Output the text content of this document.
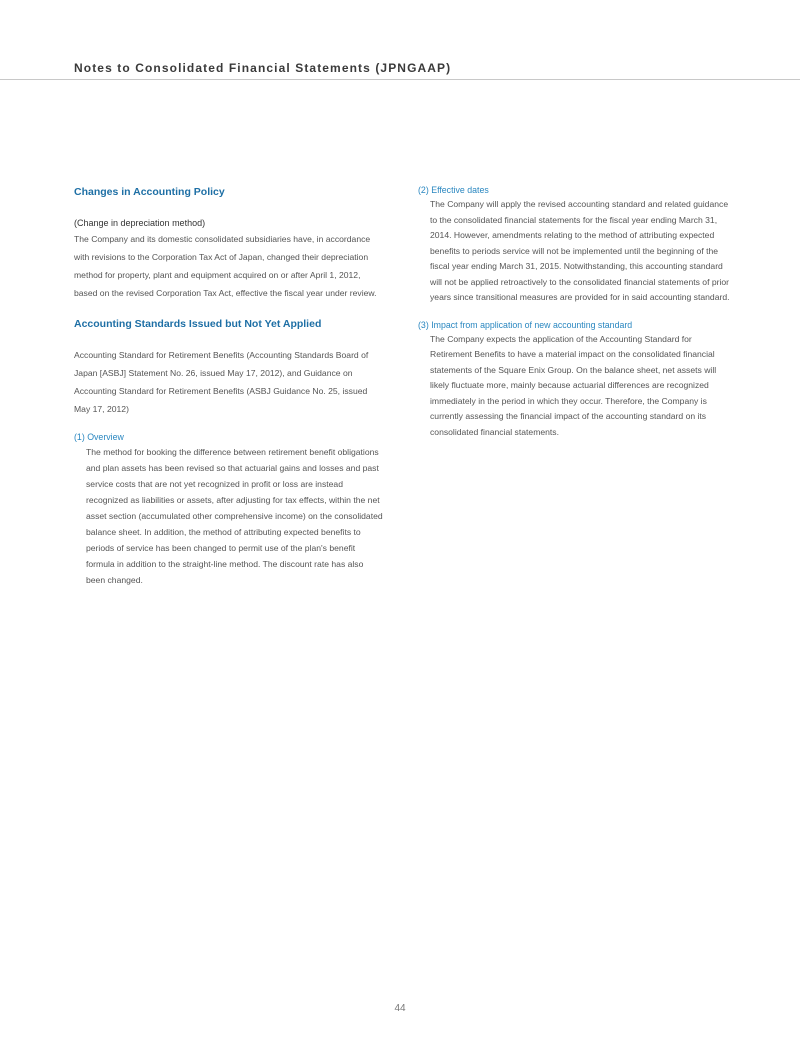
Notes to Consolidated Financial Statements (JPNGAAP)
Changes in Accounting Policy
(Change in depreciation method)

The Company and its domestic consolidated subsidiaries have, in accordance with revisions to the Corporation Tax Act of Japan, changed their depreciation method for property, plant and equipment acquired on or after April 1, 2012, based on the revised Corporation Tax Act, effective the fiscal year under review.

Accounting Standards Issued but Not Yet Applied

Accounting Standard for Retirement Benefits (Accounting Standards Board of Japan [ASBJ] Statement No. 26, issued May 17, 2012), and Guidance on Accounting Standard for Retirement Benefits (ASBJ Guidance No. 25, issued May 17, 2012)

(1) Overview

The method for booking the difference between retirement benefit obligations and plan assets has been revised so that actuarial gains and losses and past service costs that are not yet recognized in profit or loss are instead recognized as liabilities or assets, after adjusting for tax effects, within the net asset section (accumulated other comprehensive income) on the consolidated balance sheet. In addition, the method of attributing expected benefits to periods of service has been changed to permit use of the plan's benefit formula in addition to the straight-line method. The discount rate has also been changed.

(2) Effective dates

The Company will apply the revised accounting standard and related guidance to the consolidated financial statements for the fiscal year ending March 31, 2014. However, amendments relating to the method of attributing expected benefits to periods service will not be implemented until the beginning of the fiscal year ending March 31, 2015. Notwithstanding, this accounting standard will not be applied retroactively to the consolidated financial statements of prior years since transitional measures are provided for in said accounting standard.

(3) Impact from application of new accounting standard

The Company expects the application of the Accounting Standard for Retirement Benefits to have a material impact on the consolidated financial statements of the Square Enix Group. On the balance sheet, net assets will likely fluctuate more, mainly because actuarial differences are recognized immediately in the period in which they occur. Therefore, the Company is currently assessing the financial impact of the accounting standard on its consolidated financial statements.

44
